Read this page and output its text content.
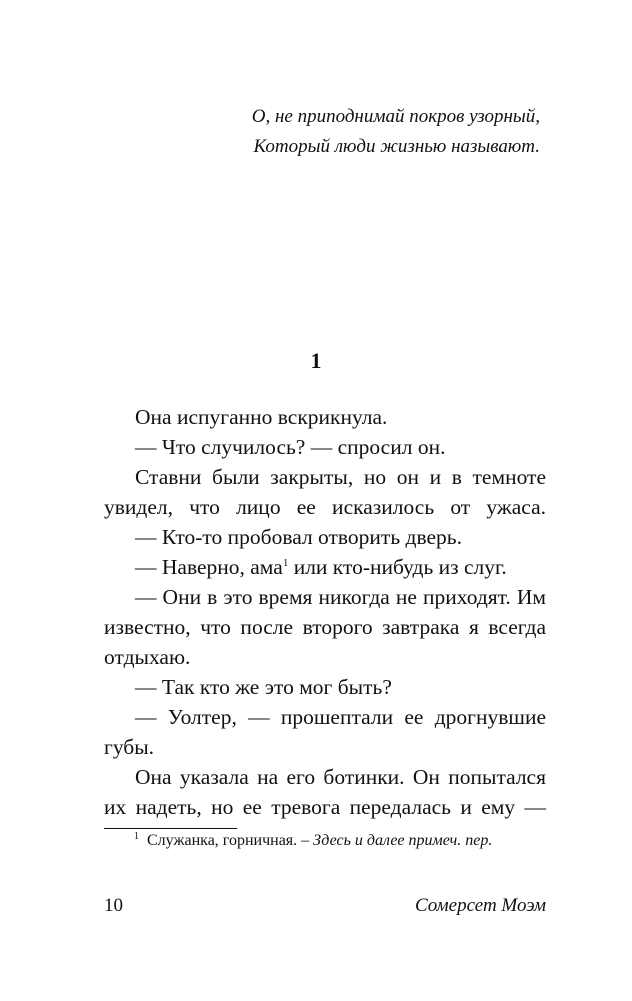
О, не приподнимай покров узорный,
Который люди жизнью называют.
1
Она испуганно вскрикнула.
— Что случилось? — спросил он.
Ставни были закрыты, но он и в темноте
увидел, что лицо ее исказилось от ужаса.
— Кто-то пробовал отворить дверь.
— Наверно, ама$^1$ или кто-нибудь из слуг.
— Они в это время никогда не приходят. Им
известно, что после второго завтрака я всегда
отдыхаю.
— Так кто же это мог быть?
— Уолтер, — прошептали ее дрогнувшие
губы.
Она указала на его ботинки. Он попытался
их надеть, но ее тревога передалась и ему —
$^1$ Служанка, горничная. – Здесь и далее примеч. пер.
10	Сомерсет Моэм
